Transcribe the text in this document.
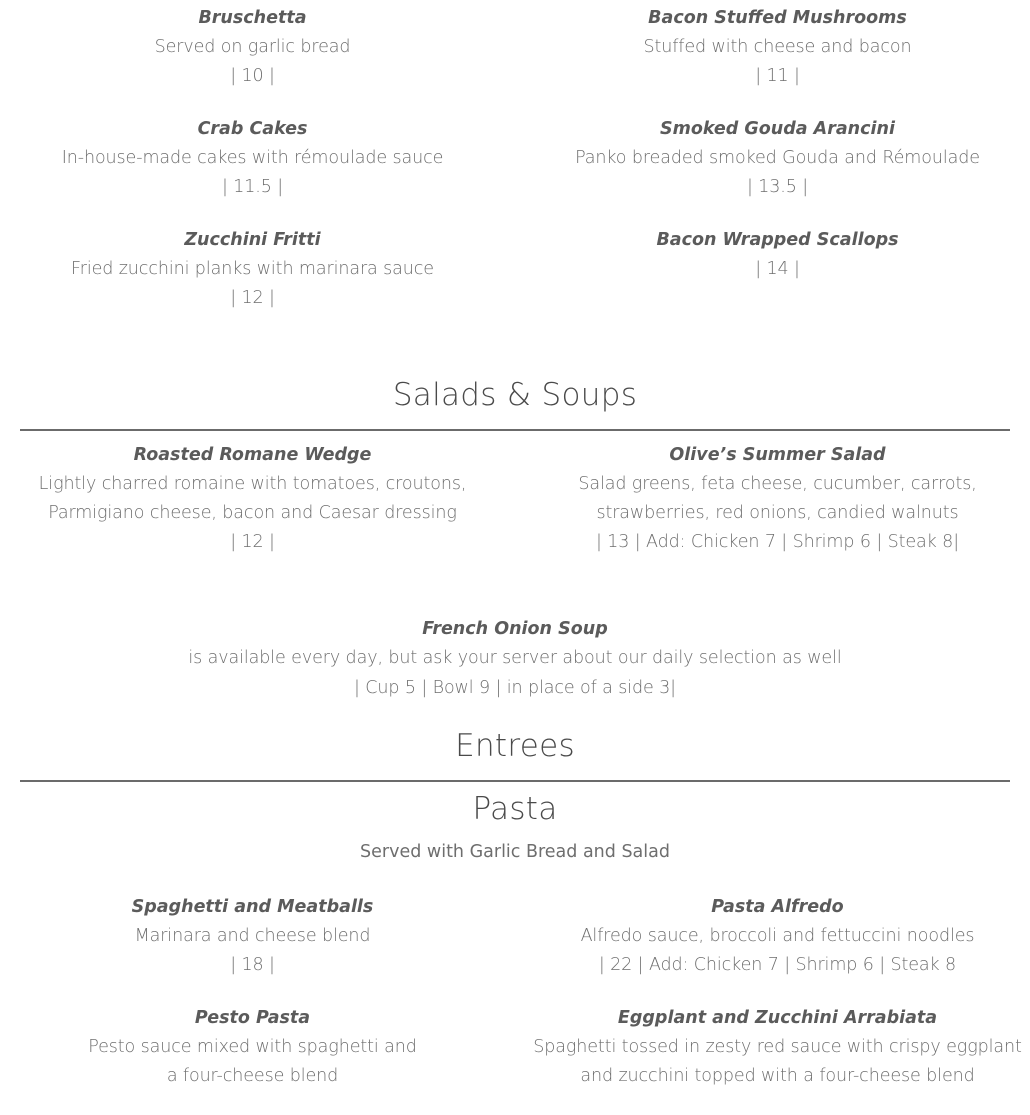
Bruschetta
Served on garlic bread
| 10 |
Crab Cakes
In-house-made cakes with rémoulade sauce
| 11.5 |
Zucchini Fritti
Fried zucchini planks with marinara sauce
| 12 |
Bacon Stuffed Mushrooms
Stuffed with cheese and bacon
| 11 |
Smoked Gouda Arancini
Panko breaded smoked Gouda and Rémoulade
| 13.5 |
Bacon Wrapped Scallops
| 14 |
Salads & Soups
Roasted Romane Wedge
Lightly charred romaine with tomatoes, croutons,
Parmigiano cheese, bacon and Caesar dressing
| 12 |
Olive’s Summer Salad
Salad greens, feta cheese, cucumber, carrots,
strawberries, red onions, candied walnuts
| 13 | Add: Chicken 7 | Shrimp 6 | Steak 8|
French Onion Soup
is available every day, but ask your server about our daily selection as well
| Cup 5 | Bowl 9 | in place of a side 3|
Entrees
Pasta
Served with Garlic Bread and Salad
Spaghetti and Meatballs
Marinara and cheese blend
| 18 |
Pesto Pasta
Pesto sauce mixed with spaghetti and
a four-cheese blend
Pasta Alfredo
Alfredo sauce, broccoli and fettuccini noodles
| 22 | Add: Chicken 7 | Shrimp 6 | Steak 8
Eggplant and Zucchini Arrabiata
Spaghetti tossed in zesty red sauce with crispy eggplant
and zucchini topped with a four-cheese blend
